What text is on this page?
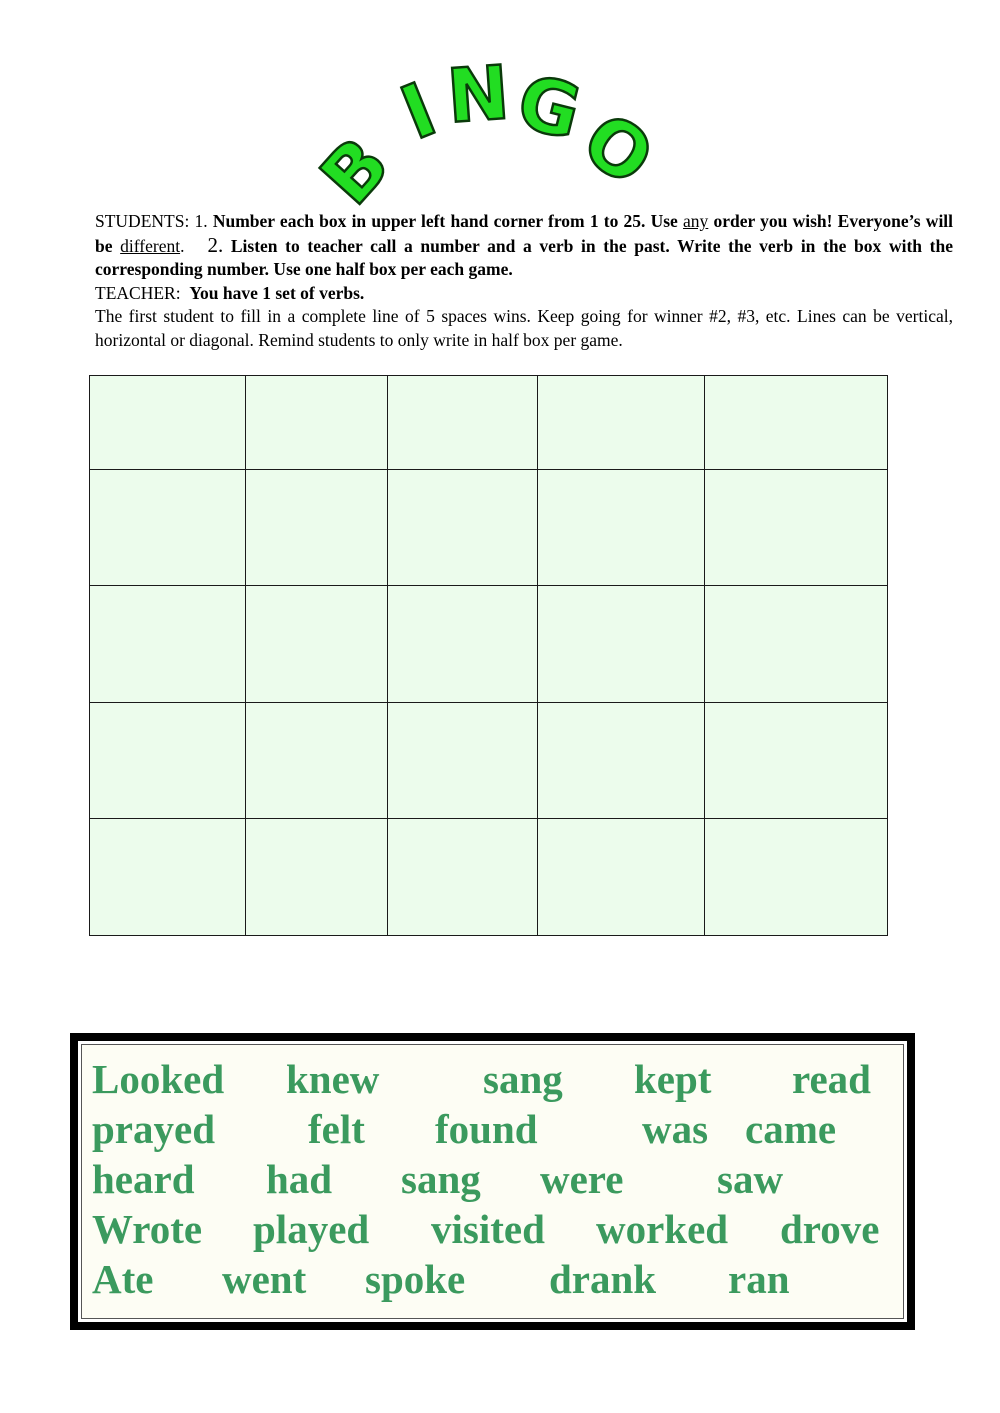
B
I
N
G
O

STUDENTS: 1. Number each box in upper left hand corner from 1 to 25. Use any order you wish! Everyone’s will be different. 2. Listen to teacher call a number and a verb in the past. Write the verb in the box with the corresponding number. Use one half box per each game.

TEACHER: You have 1 set of verbs.

The first student to fill in a complete line of 5 spaces wins. Keep going for winner #2, #3, etc. Lines can be vertical, horizontal or diagonal. Remind students to only write in half box per game.

Looked knew	sang kept read
prayed felt found	was came
heard had sang were saw
Wrote played visited worked drove
Ate went spoke drank ran
